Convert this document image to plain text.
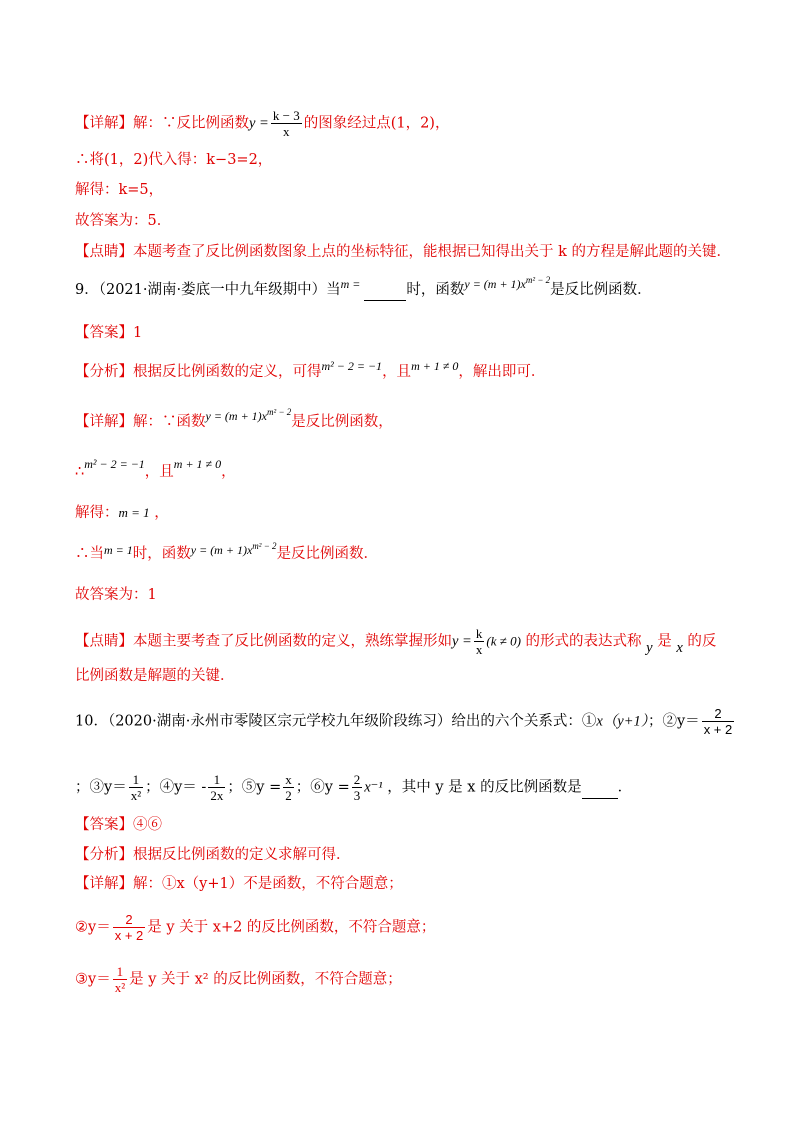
【详解】解：∵反比例函数$y = \frac{k - 3}{x}$ 的图象经过点(1，2)，
∴将(1，2)代入得：k−3=2，
解得：k=5，
故答案为：5．
【点睛】本题考查了反比例函数图象上点的坐标特征，能根据已知得出关于 k 的方程是解此题的关键．
9．（2021·湖南·娄底一中九年级期中）当$^{m =}$	时，函数$^{y = (m + 1)x^{m^2 - 2}}$是反比例函数．
【答案】1
【分析】根据反比例函数的定义，可得$^{m^2 - 2 = -1}$，且$^{m + 1 \ne 0}$，解出即可．
【详解】解：∵函数$^{y = (m + 1)x^{m^2 - 2}}$是反比例函数，
∴$^{m^2 - 2 = -1}$，且$^{m + 1 \ne 0}$，
解得：m = 1 ，
∴当$^{m = 1}$时，函数$^{y = (m + 1)x^{m^2 - 2}}$是反比例函数．
故答案为：1
【点睛】本题主要考查了反比例函数的定义，熟练掌握形如$y = \frac{k}{x} (k \ne 0)$ 的形式的表达式称 y 是 x 的反
比例函数是解题的关键．
10．（2020·湖南·永州市零陵区宗元学校九年级阶段练习）给出的六个关系式：①x（y+1）；②y＝ $\frac{2}{x + 2}$
；③y＝ $\frac{1}{\text{x²}}$ ；④y＝ - $\frac{1}{2x}$ ；⑤y = $\frac{x}{2}$ ；⑥y = $\frac{2}{3} x^{-1}$ ，其中 y 是 x 的反比例函数是 ．
【答案】④⑥
【分析】根据反比例函数的定义求解可得．
【详解】解：①x（y+1）不是函数，不符合题意；
②y＝ $\frac{2}{x + 2}$ 是 y 关于 x+2 的反比例函数，不符合题意；
③y＝ $\frac{1}{\text{x²}}$ 是 y 关于 x² 的反比例函数，不符合题意；
